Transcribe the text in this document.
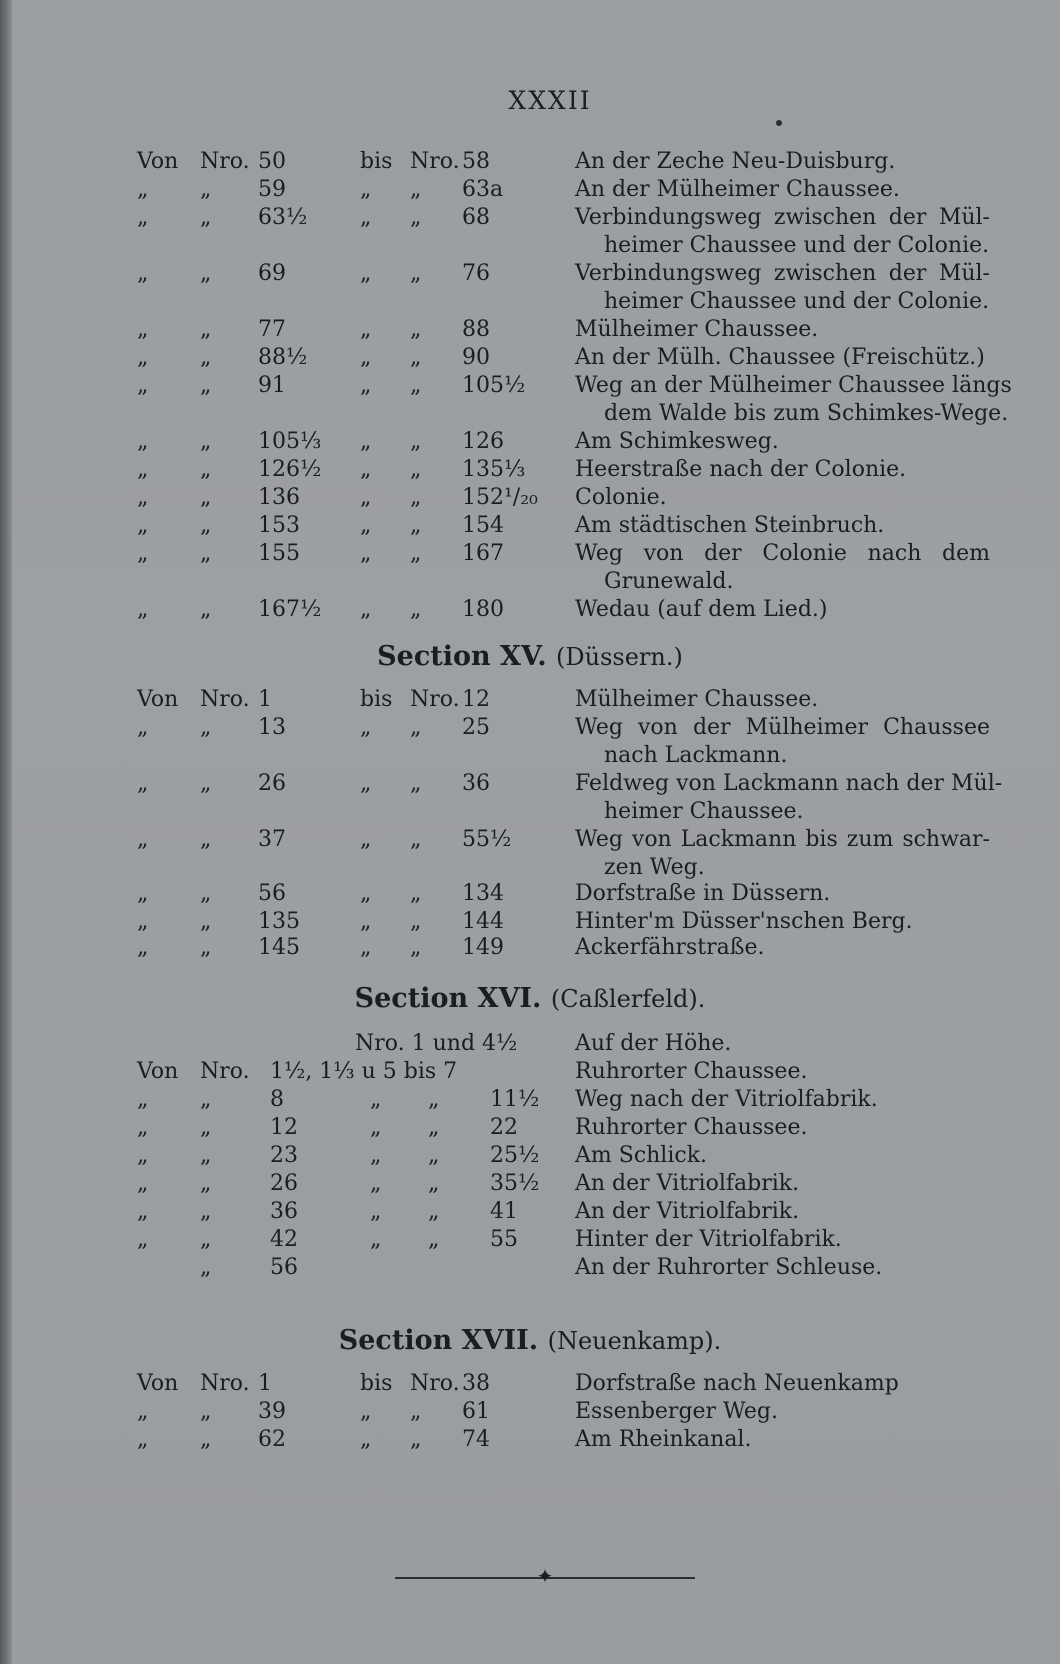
XXXII
Von Nro. 50	bis Nro. 58	An der Zeche Neu-Duisburg.
„ „ 59	„ „ 63a	An der Mülheimer Chaussee.
„ „ 63½ „ „ 68	Verbindungsweg zwischen der Mül-
heimer Chaussee und der Colonie.
„ „ 69	„ „ 76	Verbindungsweg zwischen der Mül-
heimer Chaussee und der Colonie.
„ „ 77	„ „ 88	Mülheimer Chaussee.
„ „ 88½ „ „ 90	An der Mülh. Chaussee (Freischütz.)
„ „ 91	„ „ 105½ Weg an der Mülheimer Chaussee längs
dem Walde bis zum Schimkes-Wege.
„ „ 105⅓ „ „ 126	Am Schimkesweg.
„ „ 126½ „ „ 135⅓ Heerstraße nach der Colonie.
„ „ 136	„ „ 152¹/₂₀ Colonie.
„ „ 153	„ „ 154	Am städtischen Steinbruch.
„ „ 155	„ „ 167	Weg von der Colonie nach dem
Grunewald.
„ „ 167½ „ „ 180	Wedau (auf dem Lied.)
Section XV. (Düssern.)
Von Nro. 1	bis Nro. 12	Mülheimer Chaussee.
„ „ 13	„ „ 25	Weg von der Mülheimer Chaussee
nach Lackmann.
„ „ 26	„ „ 36	Feldweg von Lackmann nach der Mül-
heimer Chaussee.
„ „ 37	„ „ 55½	Weg von Lackmann bis zum schwar-
zen Weg.
„ „ 56	„ „ 134	Dorfstraße in Düssern.
„ „ 135	„ „ 144	Hinter'm Düsser'nschen Berg.
„ „ 145	„ „ 149	Ackerfährstraße.
Section XVI. (Caßlerfeld).
Nro. 1 und 4½	Auf der Höhe.
Von Nro. 1½, 1⅓ u 5 bis 7	Ruhrorter Chaussee.
„ „	8	„ „ 11½ Weg nach der Vitriolfabrik.
„ „	12	„ „ 22	Ruhrorter Chaussee.
„ „	23	„ „ 25½ Am Schlick.
„ „	26	„ „ 35½ An der Vitriolfabrik.
„ „	36	„ „ 41	An der Vitriolfabrik.
„ „	42	„ „ 55	Hinter der Vitriolfabrik.
„	56	An der Ruhrorter Schleuse.
Section XVII. (Neuenkamp).
Von Nro. 1	bis Nro. 38	Dorfstraße nach Neuenkamp
„ „ 39	„ „ 61	Essenberger Weg.
„ „ 62	„ „ 74	Am Rheinkanal.
✦
